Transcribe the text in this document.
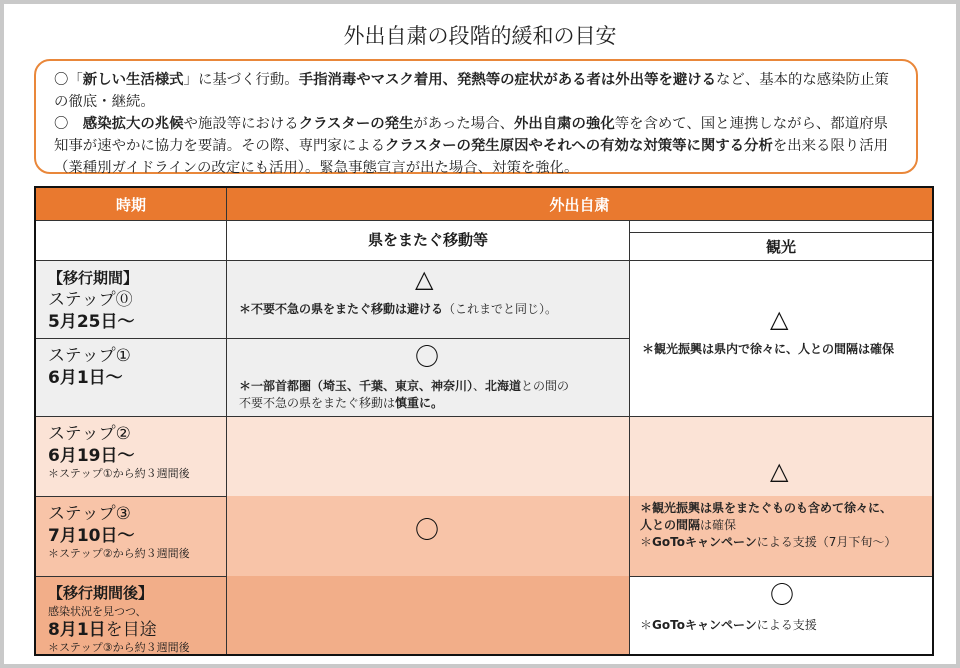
外出自粛の段階的緩和の目安

〇「新しい生活様式」に基づく行動。手指消毒やマスク着用、発熱等の症状がある者は外出等を避けるなど、基本的な感染防止策の徹底・継続。

〇　感染拡大の兆候や施設等におけるクラスターの発生があった場合、外出自粛の強化等を含めて、国と連携しながら、都道府県知事が速やかに協力を要請。その際、専門家によるクラスターの発生原因やそれへの有効な対策等に関する分析を出来る限り活用（業種別ガイドラインの改定にも活用）。緊急事態宣言が出た場合、対策を強化。

時期	外出自粛
県をまたぐ移動等	観光
【移行期間】
ステップ⓪
5月25日～
ステップ①
6月1日～
ステップ②
6月19日～
＊ステップ①から約３週間後
ステップ③
7月10日～
＊ステップ②から約３週間後
【移行期間後】
感染状況を見つつ、
8月1日を目途
＊ステップ③から約３週間後
△
＊不要不急の県をまたぐ移動は避ける（これまでと同じ）。
〇
＊一部首都圏（埼玉、千葉、東京、神奈川）、北海道との間の
不要不急の県をまたぐ移動は慎重に。
〇
△
＊観光振興は県内で徐々に、人との間隔は確保
△
＊観光振興は県をまたぐものも含めて徐々に、
人との間隔は確保
＊GoToキャンペーンによる支援（7月下旬～）
〇
＊GoToキャンペーンによる支援
